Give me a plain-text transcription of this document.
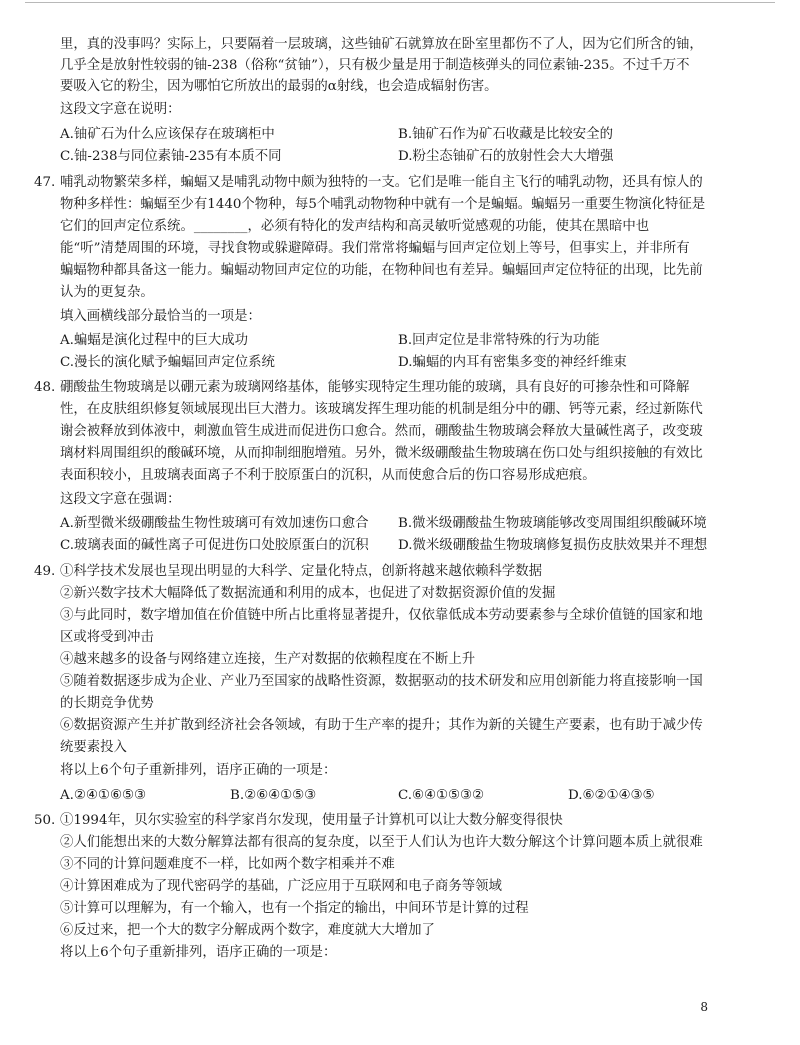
里，真的没事吗？实际上，只要隔着一层玻璃，这些铀矿石就算放在卧室里都伤不了人，因为它们所含的铀，
几乎全是放射性较弱的铀-238（俗称“贫铀”），只有极少量是用于制造核弹头的同位素铀-235。不过千万不
要吸入它的粉尘，因为哪怕它所放出的最弱的α射线，也会造成辐射伤害。
这段文字意在说明：
A.铀矿石为什么应该保存在玻璃柜中	B.铀矿石作为矿石收藏是比较安全的
C.铀-238与同位素铀-235有本质不同	D.粉尘态铀矿石的放射性会大大增强
47. 哺乳动物繁荣多样，蝙蝠又是哺乳动物中颇为独特的一支。它们是唯一能自主飞行的哺乳动物，还具有惊人的
物种多样性：蝙蝠至少有1440个物种，每5个哺乳动物物种中就有一个是蝙蝠。蝙蝠另一重要生物演化特征是
它们的回声定位系统。________，必须有特化的发声结构和高灵敏听觉感观的功能，使其在黑暗中也
能“听”清楚周围的环境，寻找食物或躲避障碍。我们常常将蝙蝠与回声定位划上等号，但事实上，并非所有
蝙蝠物种都具备这一能力。蝙蝠动物回声定位的功能，在物种间也有差异。蝙蝠回声定位特征的出现，比先前
认为的更复杂。
填入画横线部分最恰当的一项是：
A.蝙蝠是演化过程中的巨大成功	B.回声定位是非常特殊的行为功能
C.漫长的演化赋予蝙蝠回声定位系统	D.蝙蝠的内耳有密集多变的神经纤维束
48. 硼酸盐生物玻璃是以硼元素为玻璃网络基体，能够实现特定生理功能的玻璃，具有良好的可掺杂性和可降解
性，在皮肤组织修复领域展现出巨大潜力。该玻璃发挥生理功能的机制是组分中的硼、钙等元素，经过新陈代
谢会被释放到体液中，刺激血管生成进而促进伤口愈合。然而，硼酸盐生物玻璃会释放大量碱性离子，改变玻
璃材料周围组织的酸碱环境，从而抑制细胞增殖。另外，微米级硼酸盐生物玻璃在伤口处与组织接触的有效比
表面积较小，且玻璃表面离子不利于胶原蛋白的沉积，从而使愈合后的伤口容易形成疤痕。
这段文字意在强调：
A.新型微米级硼酸盐生物性玻璃可有效加速伤口愈合 B.微米级硼酸盐生物玻璃能够改变周围组织酸碱环境
C.玻璃表面的碱性离子可促进伤口处胶原蛋白的沉积 D.微米级硼酸盐生物玻璃修复损伤皮肤效果并不理想
49. ①科学技术发展也呈现出明显的大科学、定量化特点，创新将越来越依赖科学数据
②新兴数字技术大幅降低了数据流通和利用的成本，也促进了对数据资源价值的发掘
③与此同时，数字增加值在价值链中所占比重将显著提升，仅依靠低成本劳动要素参与全球价值链的国家和地
区或将受到冲击
④越来越多的设备与网络建立连接，生产对数据的依赖程度在不断上升
⑤随着数据逐步成为企业、产业乃至国家的战略性资源，数据驱动的技术研发和应用创新能力将直接影响一国
的长期竞争优势
⑥数据资源产生并扩散到经济社会各领域，有助于生产率的提升；其作为新的关键生产要素，也有助于减少传
统要素投入
将以上6个句子重新排列，语序正确的一项是：
A.②④①⑥⑤③	B.②⑥④①⑤③	C.⑥④①⑤③②	D.⑥②①④③⑤
50. ①1994年，贝尔实验室的科学家肖尔发现，使用量子计算机可以让大数分解变得很快
②人们能想出来的大数分解算法都有很高的复杂度，以至于人们认为也许大数分解这个计算问题本质上就很难
③不同的计算问题难度不一样，比如两个数字相乘并不难
④计算困难成为了现代密码学的基础，广泛应用于互联网和电子商务等领域
⑤计算可以理解为，有一个输入，也有一个指定的输出，中间环节是计算的过程
⑥反过来，把一个大的数字分解成两个数字，难度就大大增加了
将以上6个句子重新排列，语序正确的一项是：
8
